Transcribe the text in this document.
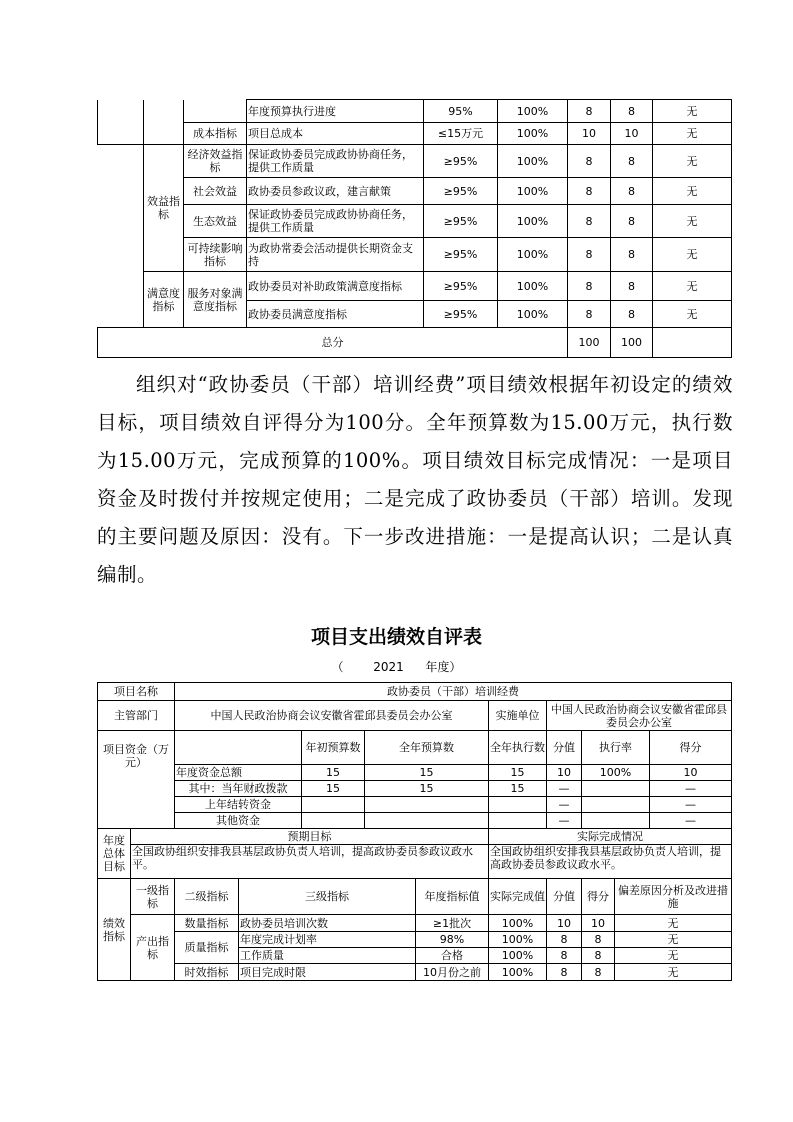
			年度预算执行进度	95%	100%	8	8	无
		成本指标	项目总成本	≤15万元	100%	10	10	无
	效益指标	经济效益指标	保证政协委员完成政协协商任务，提供工作质量	≥95%	100%	8	8	无
		社会效益	政协委员参政议政，建言献策	≥95%	100%	8	8	无
		生态效益	保证政协委员完成政协协商任务，提供工作质量	≥95%	100%	8	8	无
		可持续影响指标	为政协常委会活动提供长期资金支持	≥95%	100%	8	8	无
	满意度指标	服务对象满意度指标	政协委员对补助政策满意度指标	≥95%	100%	8	8	无
			政协委员满意度指标	≥95%	100%	8	8	无
总分						100	100	

组织对“政协委员（干部）培训经费”项目绩效根据年初设定的绩效目标，项目绩效自评得分为100分。全年预算数为15.00万元，执行数为15.00万元，完成预算的100%。项目绩效目标完成情况：一是项目资金及时拨付并按规定使用；二是完成了政协委员（干部）培训。发现的主要问题及原因：没有。下一步改进措施：一是提高认识；二是认真编制。

项目支出绩效自评表
（ 2021 年度）
项目名称		政协委员（干部）培训经费									
主管部门		中国人民政治协商会议安徽省霍邱县委员会办公室					实施单位	中国人民政治协商会议安徽省霍邱县委员会办公室			
项目资金（万元）				年初预算数	全年预算数		全年执行数	分值	执行率		得分
		年度资金总额		15	15		15	10	100%		10
		其中：当年财政拨款		15	15		15	—			—
		上年结转资金						—			—
		其他资金						—			—
年度总体目标	预期目标						实际完成情况				
	全国政协组织安排我县基层政协负责人培训，提高政协委员参政议政水平。						全国政协组织安排我县基层政协负责人培训，提高政协委员参政议政水平。				
绩效指标	一级指标	二级指标	三级指标			年度指标值	实际完成值	分值	得分	偏差原因分析及改进措施	
	产出指标	数量指标	政协委员培训次数			≥1批次	100%	10	10	无	
		质量指标	年度完成计划率			98%	100%	8	8	无	
			工作质量			合格	100%	8	8	无	
		时效指标	项目完成时限			10月份之前	100%	8	8	无	
